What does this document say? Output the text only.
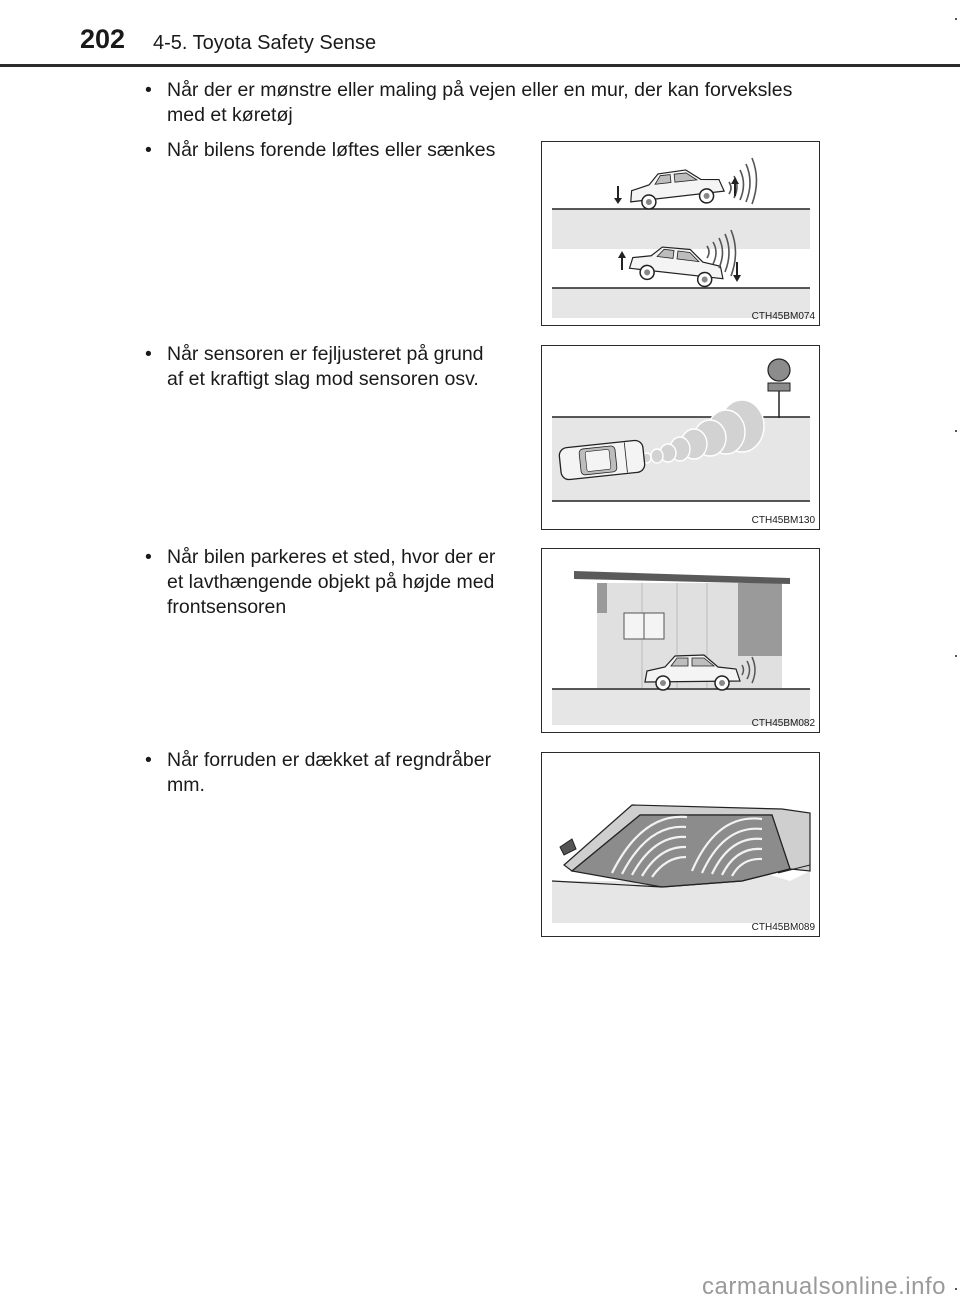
202 4-5. Toyota Safety Sense
• Når der er mønstre eller maling på vejen eller en mur, der kan forveksles
med et køretøj
• Når bilens forende løftes eller sænkes
CTH45BM074
• Når sensoren er fejljusteret på grund
af et kraftigt slag mod sensoren osv.
CTH45BM130
• Når bilen parkeres et sted, hvor der er
et lavthængende objekt på højde med
frontsensoren
CTH45BM082
• Når forruden er dækket af regndråber
mm.
CTH45BM089
carmanualsonline.info
